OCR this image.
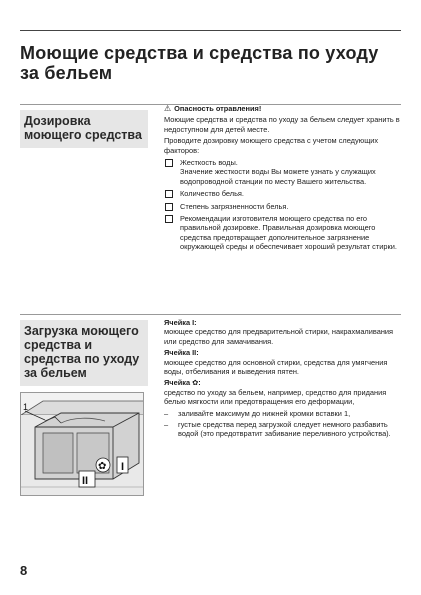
Моющие средства и средства по уходу за бельем
Дозировка моющего средства

⚠ Опасность отравления!

Моющие средства и средства по уходу за бельем следует хранить в недоступном для детей месте.

Проводите дозировку моющего средства с учетом следующих факторов:

Жесткость воды.
Значение жесткости воды Вы можете узнать у служащих водопроводной станции по месту Вашего жительства.
Количество белья.
Степень загрязненности белья.
Рекомендации изготовителя моющего средства по его правильной дозировке. Правильная дозировка моющего средства предотвращает дополнительное загрязнение окружающей среды и обеспечивает хороший результат стирки.
Загрузка моющего средства и средства по уходу за бельем

Ячейка I:

моющее средство для предварительной стирки, накрахмаливания или средство для замачивания.

Ячейка II:

моющее средство для основной стирки, средства для умягчения воды, отбеливания и выведения пятен.

Ячейка ✿:

средство по уходу за бельем, например, средство для придания белью мягкости или предотвращения его деформации,

–	заливайте максимум до нижней кромки вставки 1,
–	густые средства перед загрузкой следует немного разбавить водой (это предотвратит забивание переливного устройства).
1
I
II
✿
8
